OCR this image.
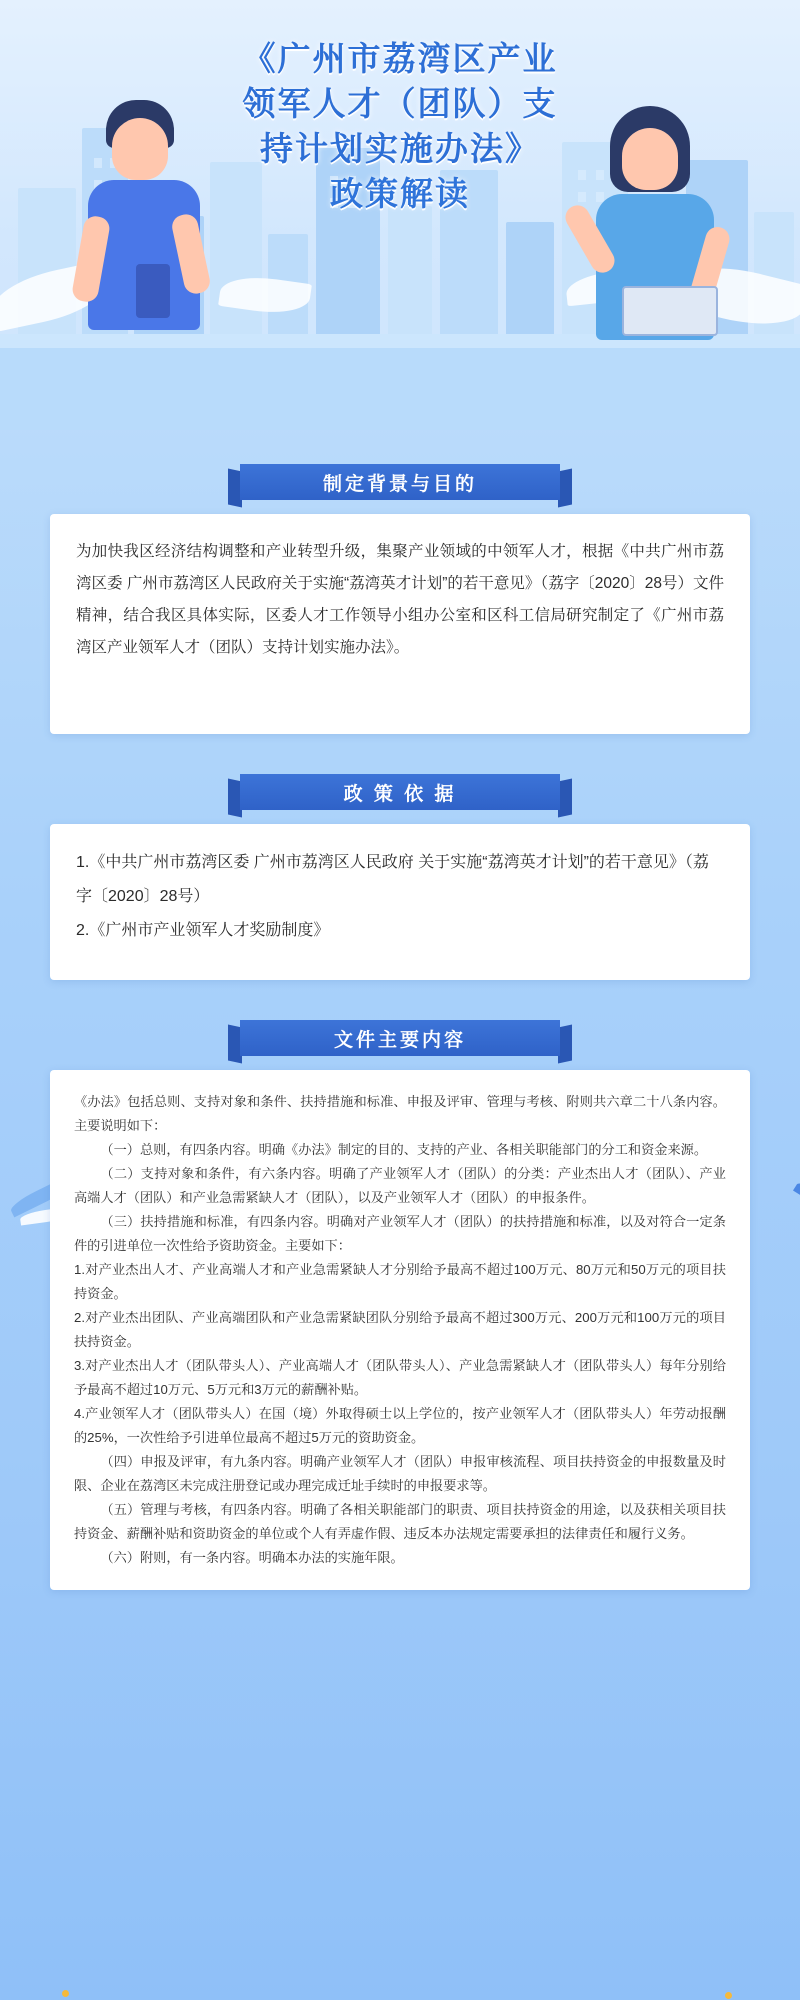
《广州市荔湾区产业
领军人才（团队）支
持计划实施办法》
政策解读
制定背景与目的

为加快我区经济结构调整和产业转型升级，集聚产业领域的中领军人才，根据《中共广州市荔湾区委 广州市荔湾区人民政府关于实施“荔湾英才计划”的若干意见》（荔字〔2020〕28号）文件精神，结合我区具体实际，区委人才工作领导小组办公室和区科工信局研究制定了《广州市荔湾区产业领军人才（团队）支持计划实施办法》。

政 策 依 据

1.《中共广州市荔湾区委 广州市荔湾区人民政府 关于实施“荔湾英才计划”的若干意见》（荔字〔2020〕28号）

2.《广州市产业领军人才奖励制度》

文件主要内容

《办法》包括总则、支持对象和条件、扶持措施和标准、申报及评审、管理与考核、附则共六章二十八条内容。主要说明如下：
（一）总则，有四条内容。明确《办法》制定的目的、支持的产业、各相关职能部门的分工和资金来源。
（二）支持对象和条件，有六条内容。明确了产业领军人才（团队）的分类：产业杰出人才（团队）、产业高端人才（团队）和产业急需紧缺人才（团队），以及产业领军人才（团队）的申报条件。
（三）扶持措施和标准，有四条内容。明确对产业领军人才（团队）的扶持措施和标准，以及对符合一定条件的引进单位一次性给予资助资金。主要如下：
1.对产业杰出人才、产业高端人才和产业急需紧缺人才分别给予最高不超过100万元、80万元和50万元的项目扶持资金。
2.对产业杰出团队、产业高端团队和产业急需紧缺团队分别给予最高不超过300万元、200万元和100万元的项目扶持资金。
3.对产业杰出人才（团队带头人）、产业高端人才（团队带头人）、产业急需紧缺人才（团队带头人）每年分别给予最高不超过10万元、5万元和3万元的薪酬补贴。
4.产业领军人才（团队带头人）在国（境）外取得硕士以上学位的，按产业领军人才（团队带头人）年劳动报酬的25%，一次性给予引进单位最高不超过5万元的资助资金。
（四）申报及评审，有九条内容。明确产业领军人才（团队）申报审核流程、项目扶持资金的申报数量及时限、企业在荔湾区未完成注册登记或办理完成迁址手续时的申报要求等。
（五）管理与考核，有四条内容。明确了各相关职能部门的职责、项目扶持资金的用途，以及获相关项目扶持资金、薪酬补贴和资助资金的单位或个人有弄虚作假、违反本办法规定需要承担的法律责任和履行义务。
（六）附则，有一条内容。明确本办法的实施年限。
